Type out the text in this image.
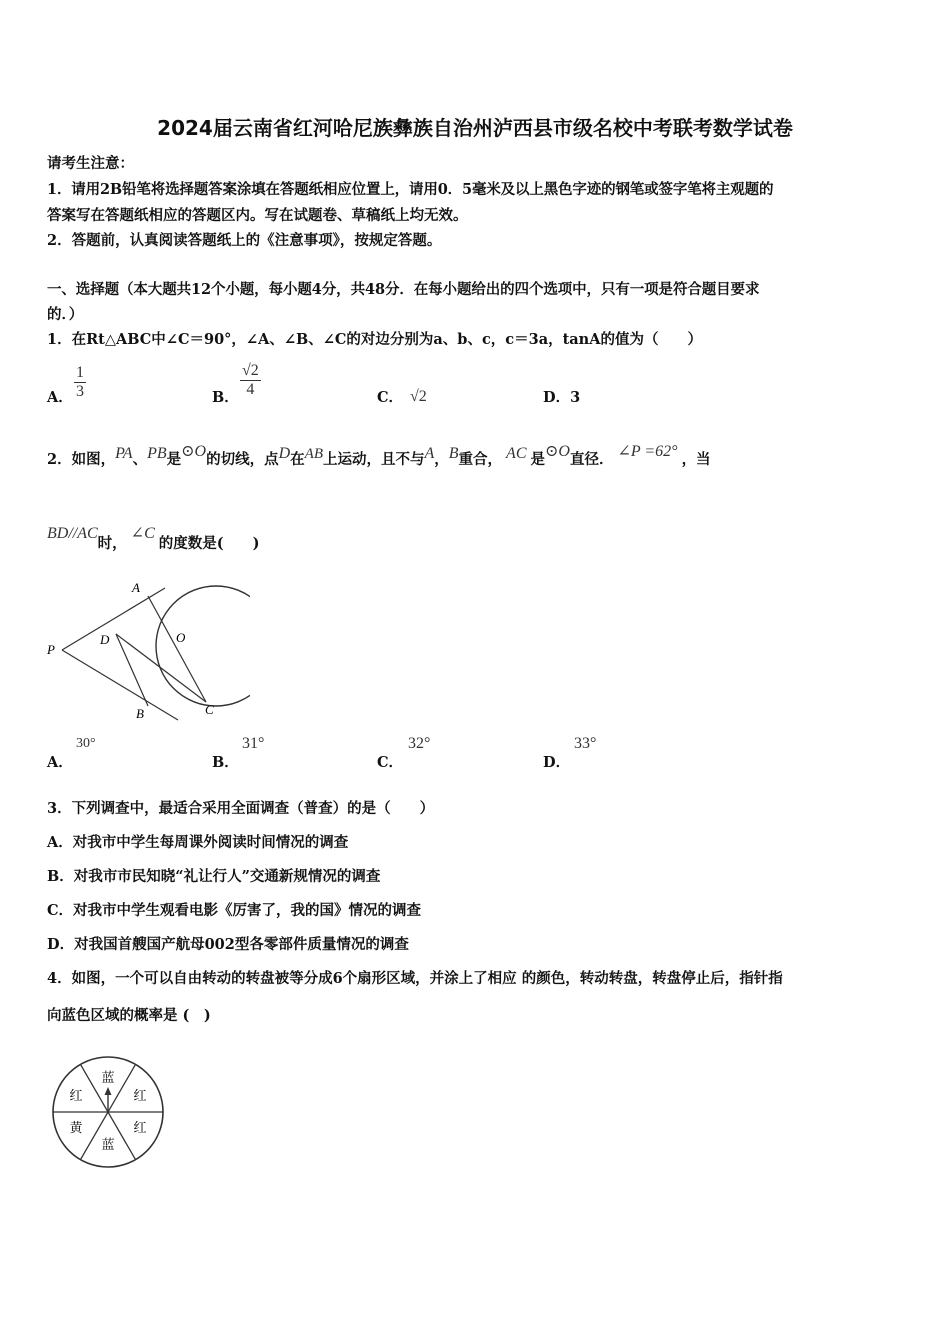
2024届云南省红河哈尼族彝族自治州泸西县市级名校中考联考数学试卷
请考生注意：
1．请用2B铅笔将选择题答案涂填在答题纸相应位置上，请用0．5毫米及以上黑色字迹的钢笔或签字笔将主观题的
答案写在答题纸相应的答题区内。写在试题卷、草稿纸上均无效。
2．答题前，认真阅读答题纸上的《注意事项》，按规定答题。
一、选择题（本大题共12个小题，每小题4分，共48分．在每小题给出的四个选项中，只有一项是符合题目要求
的．）
1．在Rt△ABC中∠C＝90°，∠A、∠B、∠C的对边分别为a、b、c，c＝3a，tanA的值为（　　）
A． $\frac{1}{3}$	B． $\frac{√2}{4}$	C． √2	D．3
2．如图，PA、PB是⊙O的切线，点D在AB上运动，且不与A，B重合， AC 是⊙O直径． ∠P =62° ，当
BD//AC时，∠C的度数是(　　)
A
O
P
D
B	C
A．
30°
B．
31°
C．
32°
D．
33°
3．下列调查中，最适合采用全面调查（普查）的是（　　）
A．对我市中学生每周课外阅读时间情况的调查
B．对我市市民知晓“礼让行人”交通新规情况的调查
C．对我市中学生观看电影《厉害了，我的国》情况的调查
D．对我国首艘国产航母002型各零部件质量情况的调查
4．如图，一个可以自由转动的转盘被等分成6个扇形区域，并涂上了相应 的颜色，转动转盘，转盘停止后，指针指
向蓝色区域的概率是 (　)
蓝
红
红
蓝
黄
红
